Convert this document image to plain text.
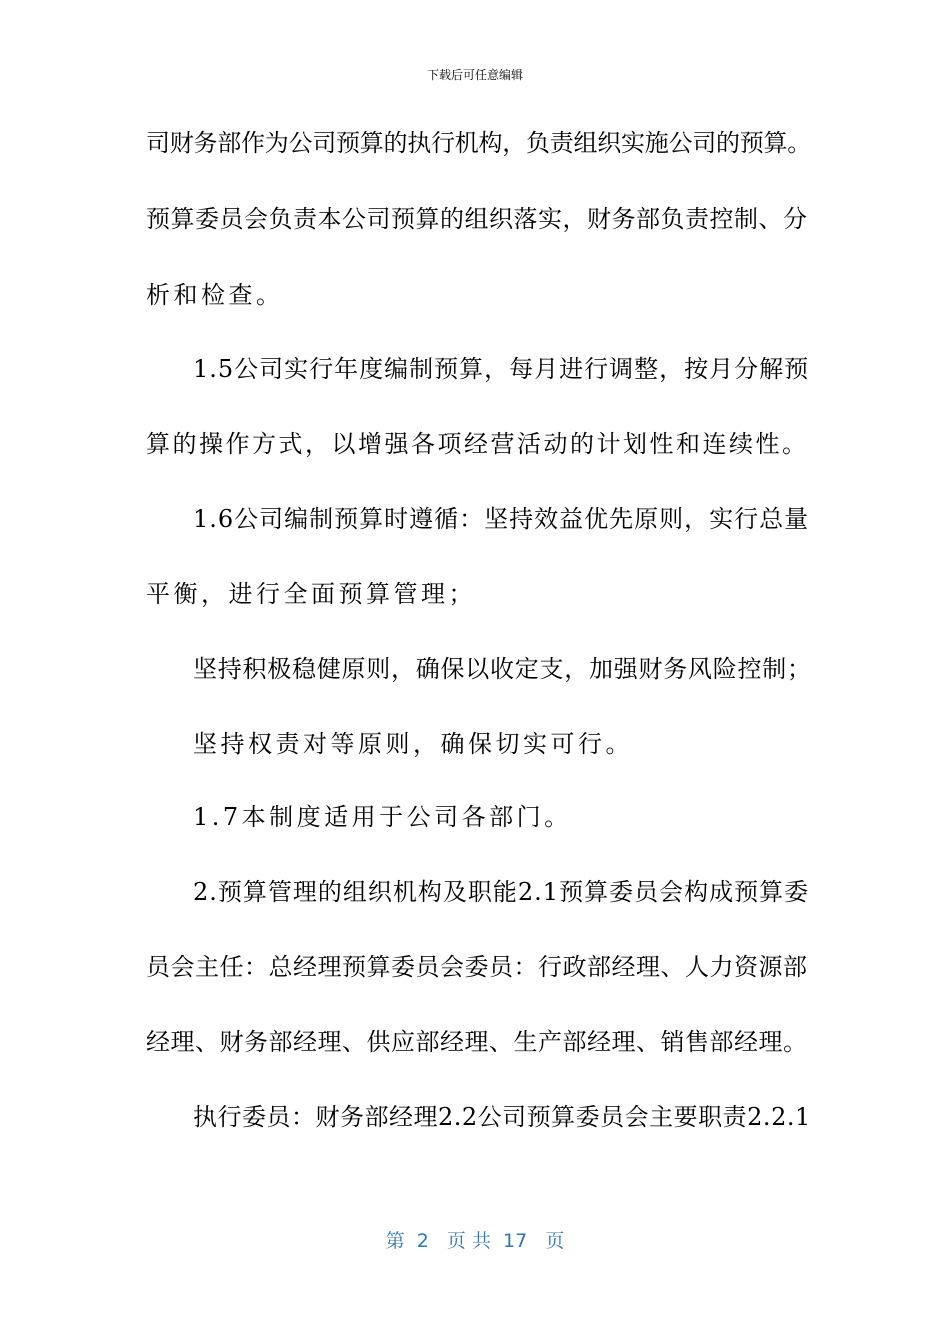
下载后可任意编辑
司财务部作为公司预算的执行机构，负责组织实施公司的预算。
预算委员会负责本公司预算的组织落实，财务部负责控制、分
析和检查。
1.5公司实行年度编制预算，每月进行调整，按月分解预
算的操作方式，以增强各项经营活动的计划性和连续性。
1.6公司编制预算时遵循：坚持效益优先原则，实行总量
平衡，进行全面预算管理；
坚持积极稳健原则，确保以收定支，加强财务风险控制；
坚持权责对等原则，确保切实可行。
1.7本制度适用于公司各部门。
2.预算管理的组织机构及职能2.1预算委员会构成预算委
员会主任：总经理预算委员会委员：行政部经理、人力资源部
经理、财务部经理、供应部经理、生产部经理、销售部经理。
执行委员：财务部经理2.2公司预算委员会主要职责2.2.1
第  2   页 共  17   页
